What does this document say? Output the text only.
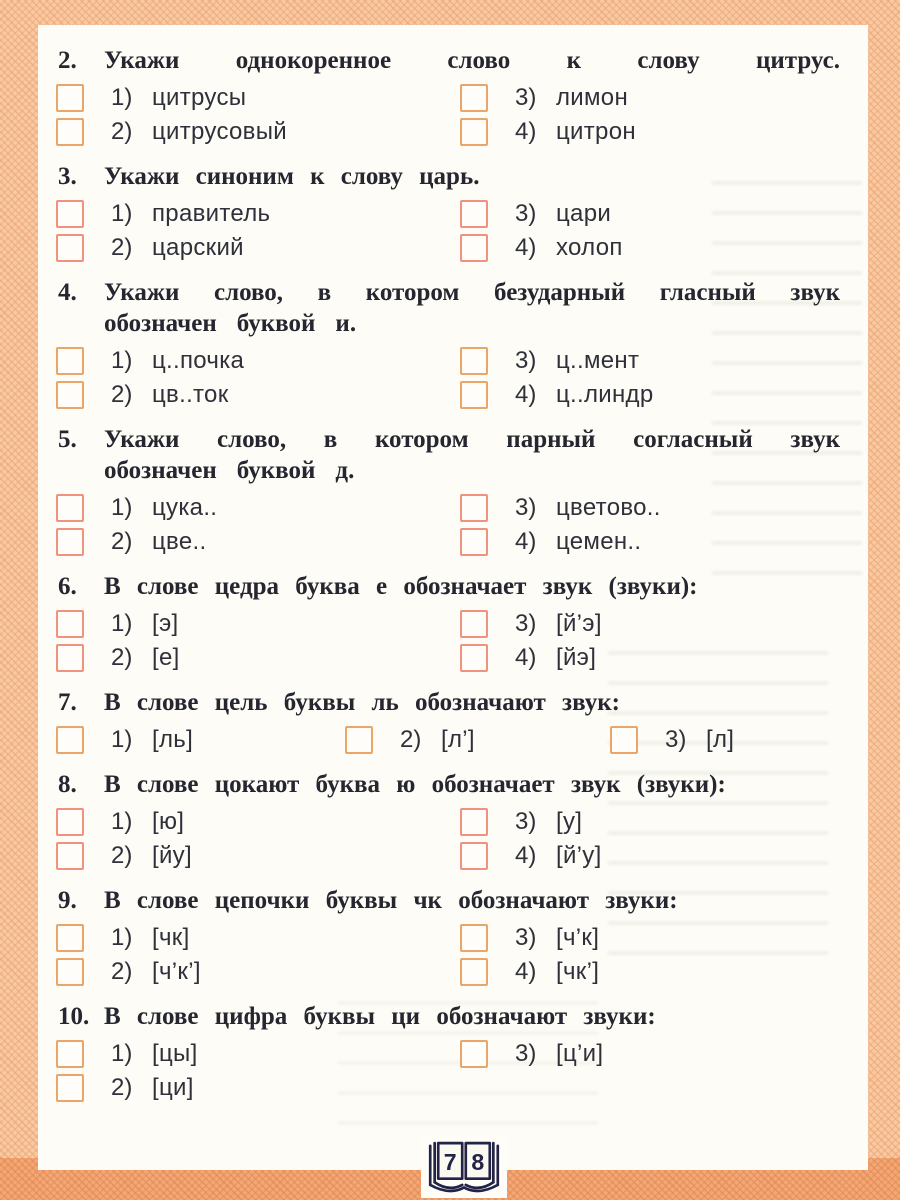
2. Укажи однокоренное слово к слову цитрус.

1) цитрусы
2) цитрусовый
3) лимон
4) цитрон

3. Укажи синоним к слову царь.

1) правитель
2) царский
3) цари
4) холоп

4. Укажи слово, в котором безударный гласный звук обозначен буквой и.

1) ц..почка
2) цв..ток
3) ц..мент
4) ц..линдр

5. Укажи слово, в котором парный согласный звук обозначен буквой д.

1) цука..
2) цве..
3) цветово..
4) цемен..

6. В слове цедра буква е обозначает звук (звуки):

1) [э]
2) [е]
3) [й’э]
4) [йэ]

7. В слове цель буквы ль обозначают звук:

1) [ль]	2) [л’]	3) [л]

8. В слове цокают буква ю обозначает звук (звуки):

1) [ю]
2) [йу]
3) [у]
4) [й’у]

9. В слове цепочки буквы чк обозначают звуки:

1) [чк]
2) [ч’к’]
3) [ч’к]
4) [чк’]

10. В слове цифра буквы ци обозначают звуки:

1) [цы]
2) [ци]
3) [ц’и]
7 8
